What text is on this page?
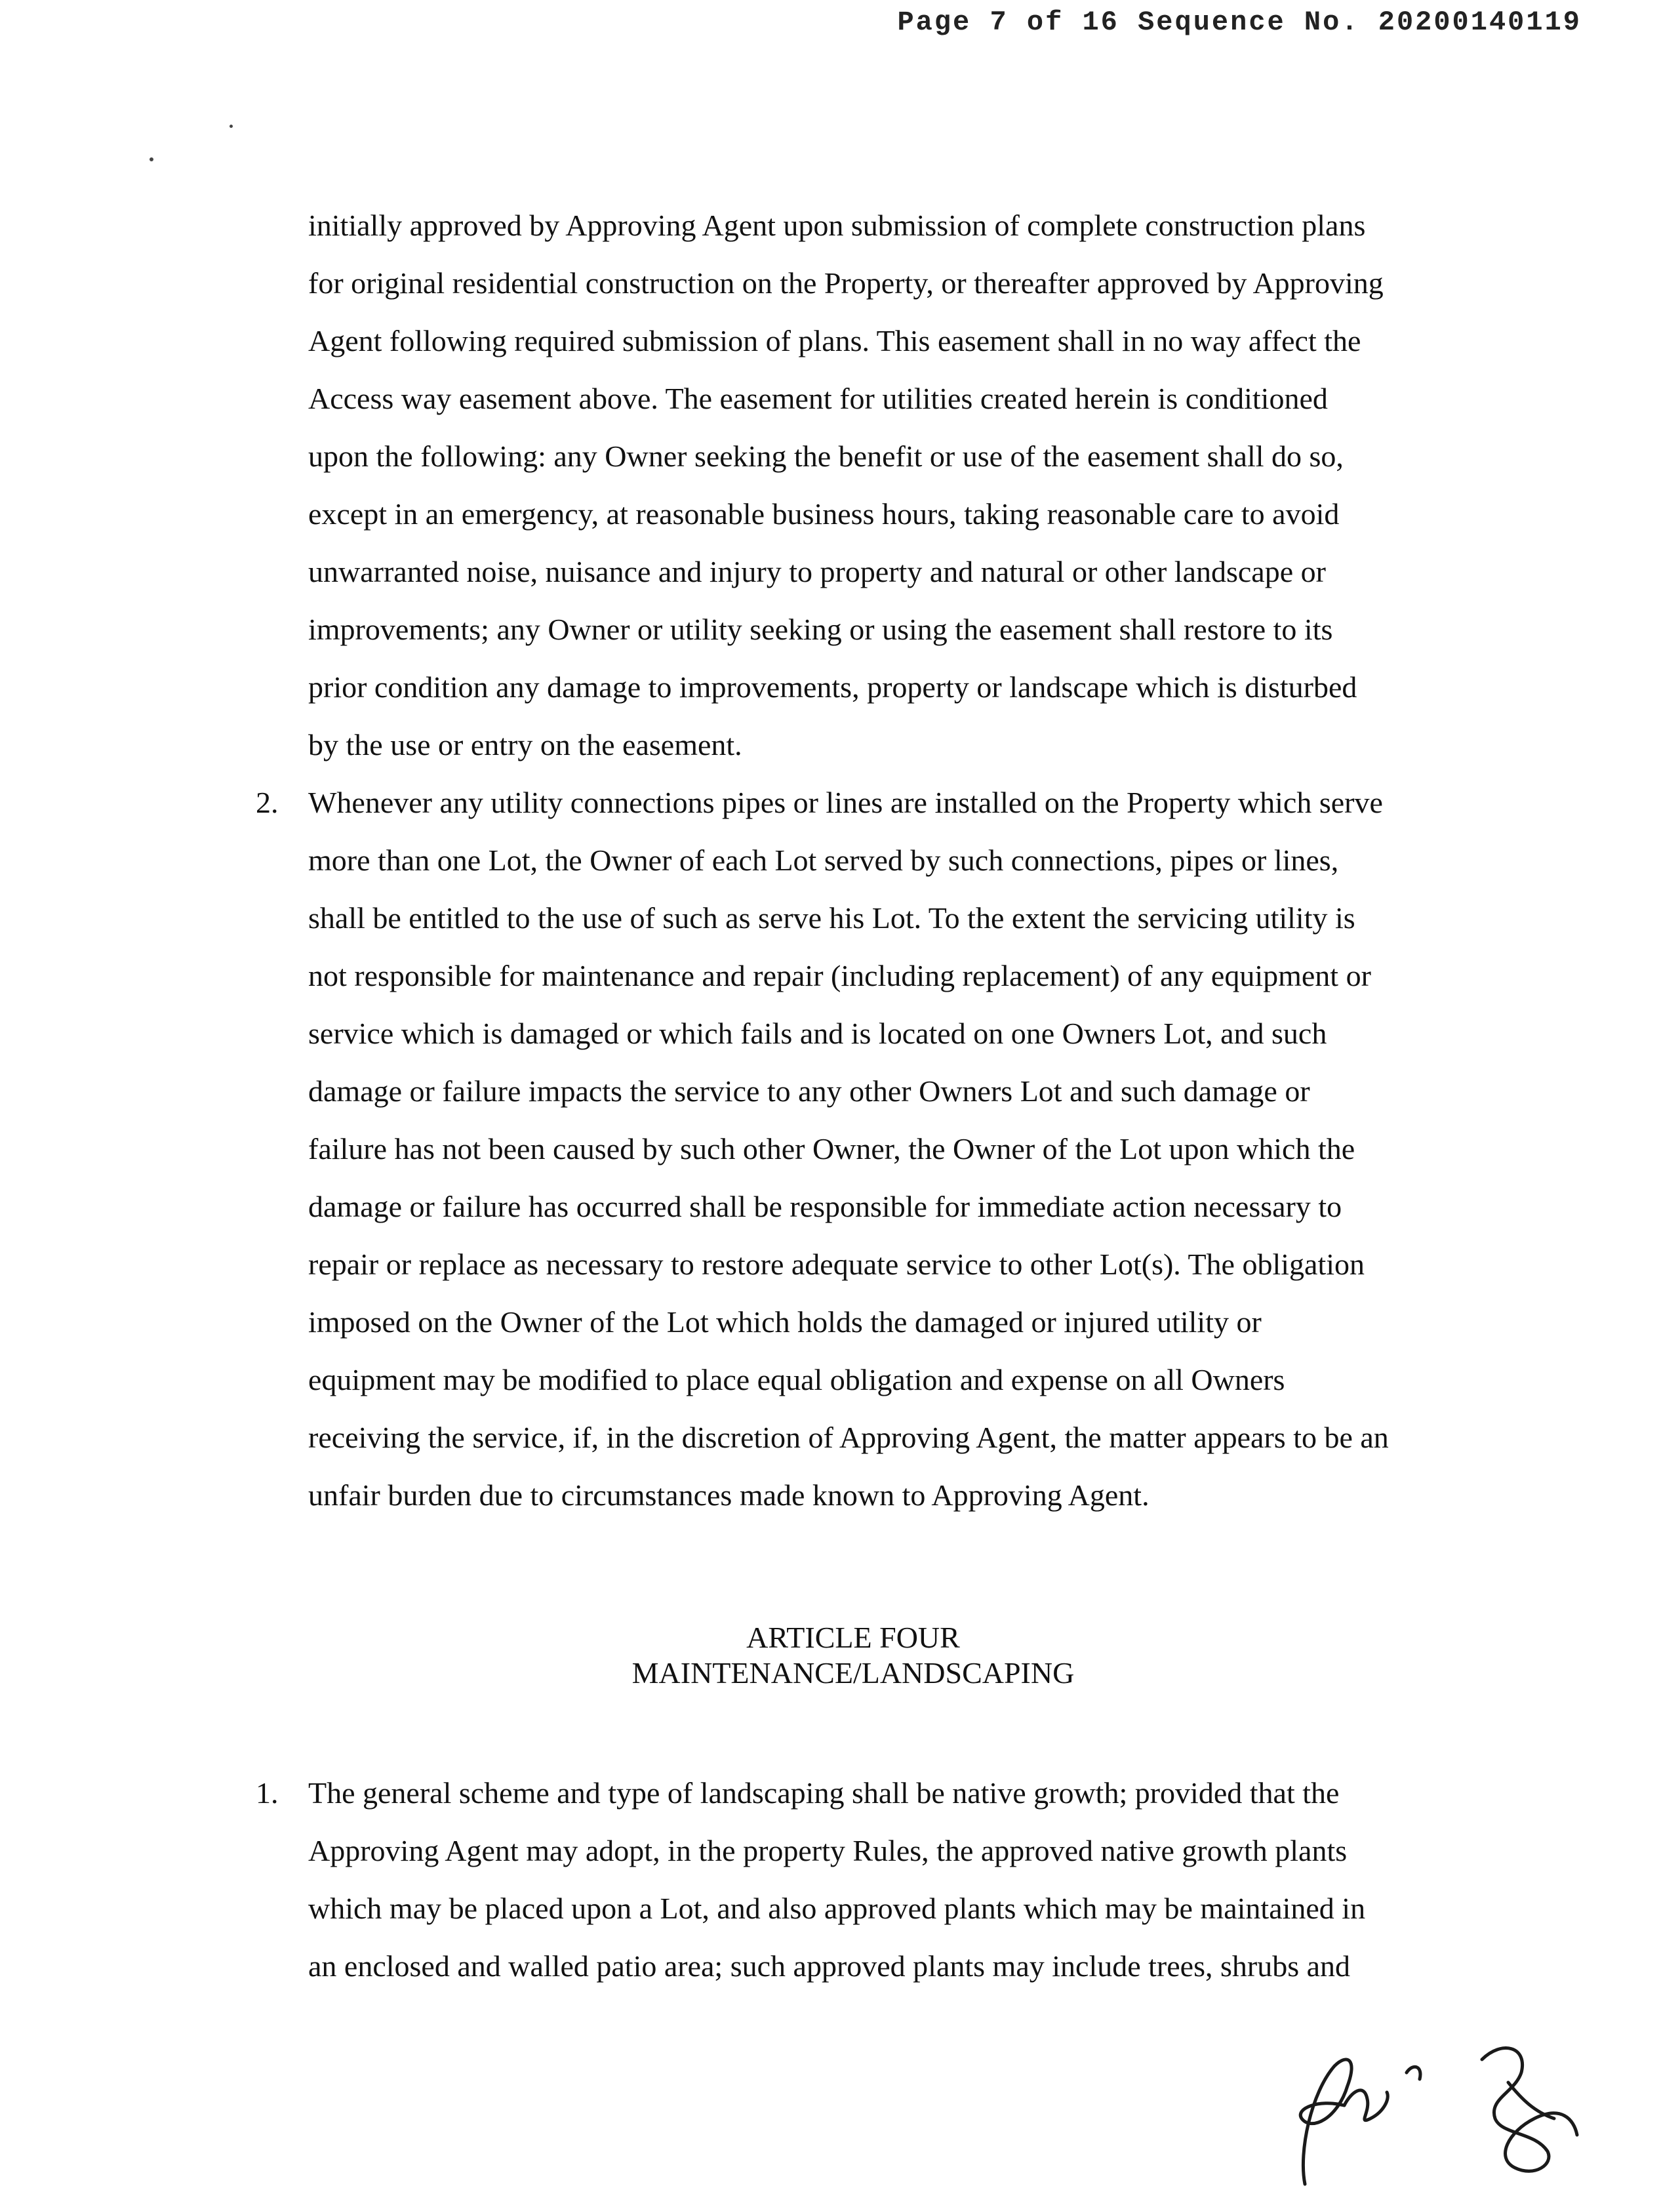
Page 7 of 16 Sequence No. 20200140119
initially approved by Approving Agent upon submission of complete construction plans
for original residential construction on the Property, or thereafter approved by Approving
Agent following required submission of plans. This easement shall in no way affect the
Access way easement above. The easement for utilities created herein is conditioned
upon the following: any Owner seeking the benefit or use of the easement shall do so,
except in an emergency, at reasonable business hours, taking reasonable care to avoid
unwarranted noise, nuisance and injury to property and natural or other landscape or
improvements; any Owner or utility seeking or using the easement shall restore to its
prior condition any damage to improvements, property or landscape which is disturbed
by the use or entry on the easement.
2. Whenever any utility connections pipes or lines are installed on the Property which serve
more than one Lot, the Owner of each Lot served by such connections, pipes or lines,
shall be entitled to the use of such as serve his Lot. To the extent the servicing utility is
not responsible for maintenance and repair (including replacement) of any equipment or
service which is damaged or which fails and is located on one Owners Lot, and such
damage or failure impacts the service to any other Owners Lot and such damage or
failure has not been caused by such other Owner, the Owner of the Lot upon which the
damage or failure has occurred shall be responsible for immediate action necessary to
repair or replace as necessary to restore adequate service to other Lot(s). The obligation
imposed on the Owner of the Lot which holds the damaged or injured utility or
equipment may be modified to place equal obligation and expense on all Owners
receiving the service, if, in the discretion of Approving Agent, the matter appears to be an
unfair burden due to circumstances made known to Approving Agent.
ARTICLE FOUR
MAINTENANCE/LANDSCAPING
1. The general scheme and type of landscaping shall be native growth; provided that the
Approving Agent may adopt, in the property Rules, the approved native growth plants
which may be placed upon a Lot, and also approved plants which may be maintained in
an enclosed and walled patio area; such approved plants may include trees, shrubs and
